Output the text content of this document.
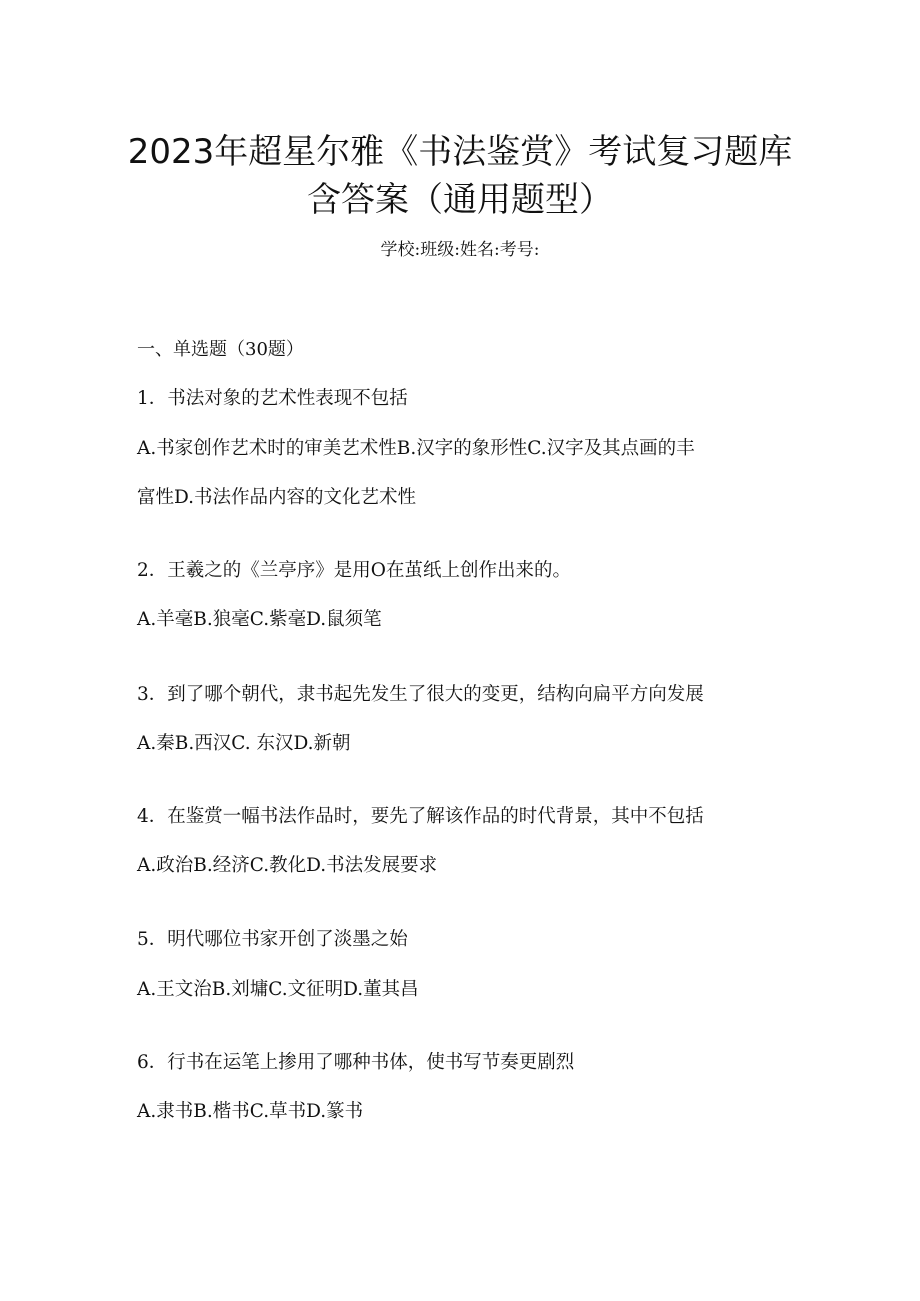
2023年超星尔雅《书法鉴赏》考试复习题库
含答案（通用题型）
学校:班级:姓名:考号:
一、单选题（30题）
1．书法对象的艺术性表现不包括
A.书家创作艺术时的审美艺术性B.汉字的象形性C.汉字及其点画的丰
富性D.书法作品内容的文化艺术性
2．王羲之的《兰亭序》是用O在茧纸上创作出来的。
A.羊毫B.狼毫C.紫毫D.鼠须笔
3．到了哪个朝代，隶书起先发生了很大的变更，结构向扁平方向发展
A.秦B.西汉C. 东汉D.新朝
4．在鉴赏一幅书法作品时，要先了解该作品的时代背景，其中不包括
A.政治B.经济C.教化D.书法发展要求
5．明代哪位书家开创了淡墨之始
A.王文治B.刘墉C.文征明D.董其昌
6．行书在运笔上掺用了哪种书体，使书写节奏更剧烈
A.隶书B.楷书C.草书D.篆书
